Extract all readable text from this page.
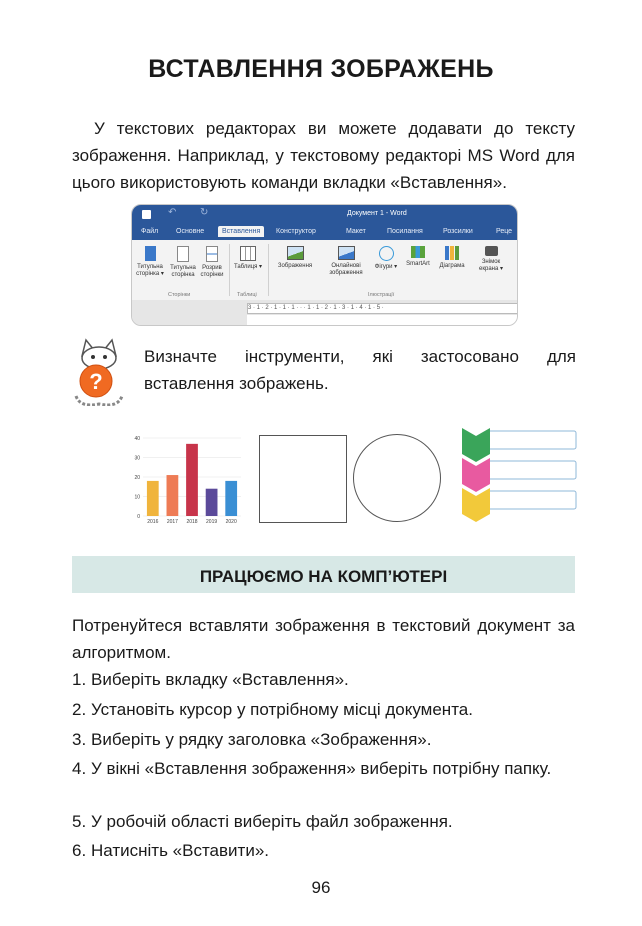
ВСТАВЛЕННЯ ЗОБРАЖЕНЬ
У текстових редакторах ви можете додавати до тексту зображення. Наприклад, у текстовому редакторі MS Word для цього використовують команди вкладки «Вставлення».
↶ ↻	Документ 1 - Word
Файл	Основне	Вставлення	Конструктор	Макет	Посилання	Розсилки	Реце
Титульна сторінка ▾
Титульна сторінка
Розрив сторінки
Сторінки
Таблиця ▾
Таблиці
Зображення	Онлайнові зображення
Фігури ▾	SmartArt	Діаграма
Знімок екрана ▾
Ілюстрації
3 · 1 · 2 · 1 · 1 · 1 · · · 1 · 1 · 2 · 1 · 3 · 1 · 4 · 1 · 5 ·
?
Визначте інструменти, які застосовано для вставлення зображень.
0
10
20
30
40
2016 2017 2018 2019 2020
ПРАЦЮЄМО НА КОМП’ЮТЕРІ
Потренуйтеся вставляти зображення в текстовий документ за алгоритмом.
1. Виберіть вкладку «Вставлення».
2. Установіть курсор у потрібному місці документа.
3. Виберіть у рядку заголовка «Зображення».
4. У вікні «Вставлення зображення» виберіть потрібну папку.
5. У робочій області виберіть файл зображення.
6. Натисніть «Вставити».
96
